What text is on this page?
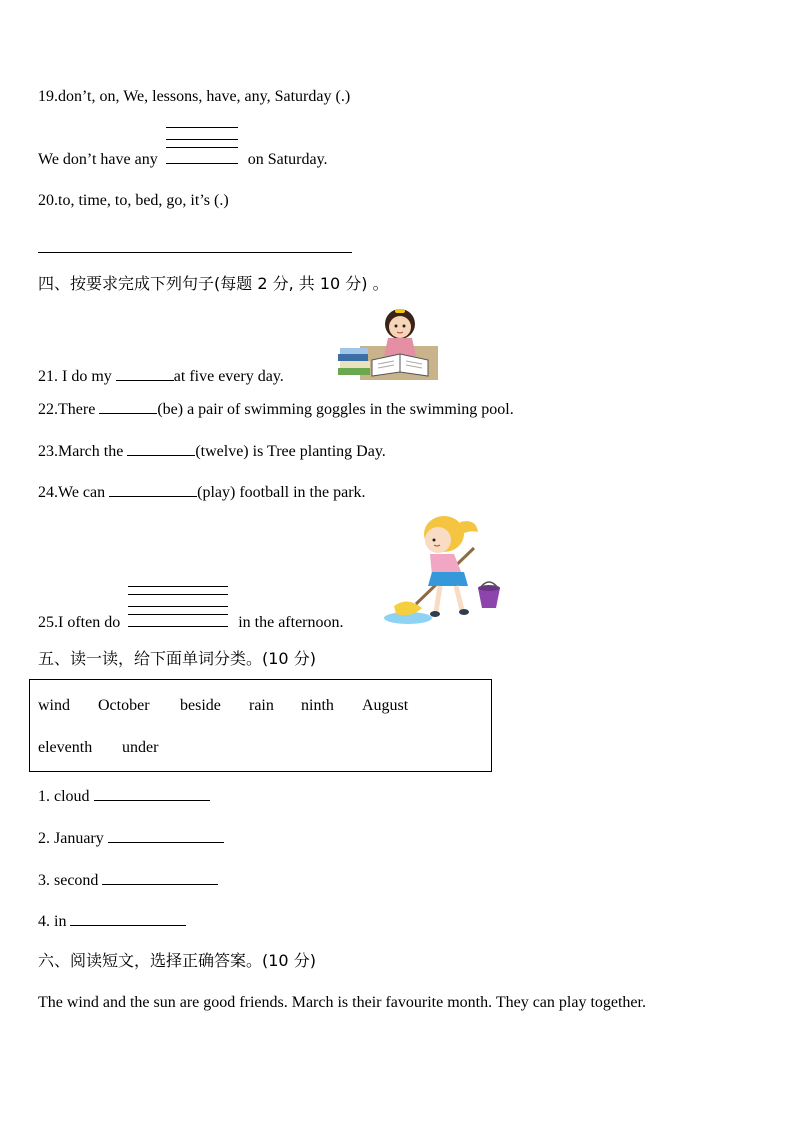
19.don’t, on, We, lessons, have, any, Saturday (.)
We don’t have any	on Saturday.
20.to, time, to, bed, go, it’s (.)
四、按要求完成下列句子(每题 2 分, 共 10 分) 。
21. I do my	at five every day.
22.There	(be) a pair of swimming goggles in the swimming pool.
23.March the	(twelve) is Tree planting Day.
24.We can	(play) football in the park.
25.I often do	in the afternoon.
五、读一读，给下面单词分类。(10 分)
wind October beside rain ninth August
eleventh under
1. cloud
2. January
3. second
4. in
六、阅读短文，选择正确答案。(10 分)
The wind and the sun are good friends. March is their favourite month. They can play together.
